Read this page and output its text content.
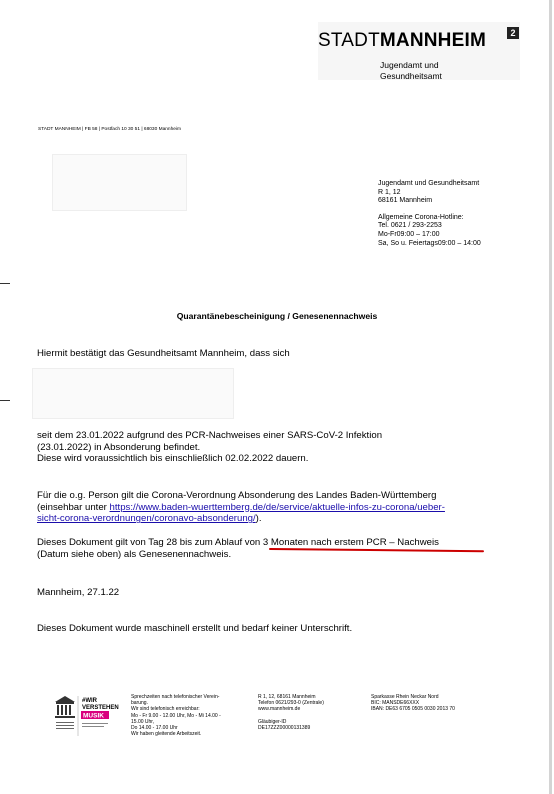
STADTMANNHEIM	2
Jugendamt und
Gesundheitsamt
STADT MANNHEIM | FB 58 | Postfach 10 30 51 | 68030 Mannheim
Jugendamt und Gesundheitsamt
R 1, 12
68161 Mannheim
Allgemeine Corona-Hotline:
Tel. 0621 / 293-2253
Mo-Fr09:00 – 17:00
Sa, So u. Feiertags09:00 – 14:00
Quarantänebescheinigung / Genesenennachweis
Hiermit bestätigt das Gesundheitsamt Mannheim, dass sich
seit dem 23.01.2022 aufgrund des PCR-Nachweises einer SARS-CoV-2 Infektion
(23.01.2022) in Absonderung befindet.
Diese wird voraussichtlich bis einschließlich 02.02.2022 dauern.
Für die o.g. Person gilt die Corona-Verordnung Absonderung des Landes Baden-Württemberg
(einsehbar unter https://www.baden-wuerttemberg.de/de/service/aktuelle-infos-zu-corona/ueber-
sicht-corona-verordnungen/coronavo-absonderung/).
Dieses Dokument gilt von Tag 28 bis zum Ablauf von 3 Monaten nach erstem PCR – Nachweis
(Datum siehe oben) als Genesenennachweis.
Mannheim, 27.1.22
Dieses Dokument wurde maschinell erstellt und bedarf keiner Unterschrift.
#WIR
VERSTEHEN
MUSIK
Sprechzeiten nach telefonischer Verein-
barung.
Wir sind telefonisch erreichbar:
Mo - Fr 9.00 - 12.00 Uhr, Mo - Mi 14.00 -
15.00 Uhr,
Do 14.00 - 17.00 Uhr
Wir haben gleitende Arbeitszeit.
R 1, 12, 68161 Mannheim
Telefon 0621/293-0 (Zentrale)
www.mannheim.de
Gläubiger-ID
DE17ZZZ00000131389
Sparkasse Rhein Neckar Nord
BIC: MANSDE66XXX
IBAN: DE63 6705 0505 0030 2013 70
